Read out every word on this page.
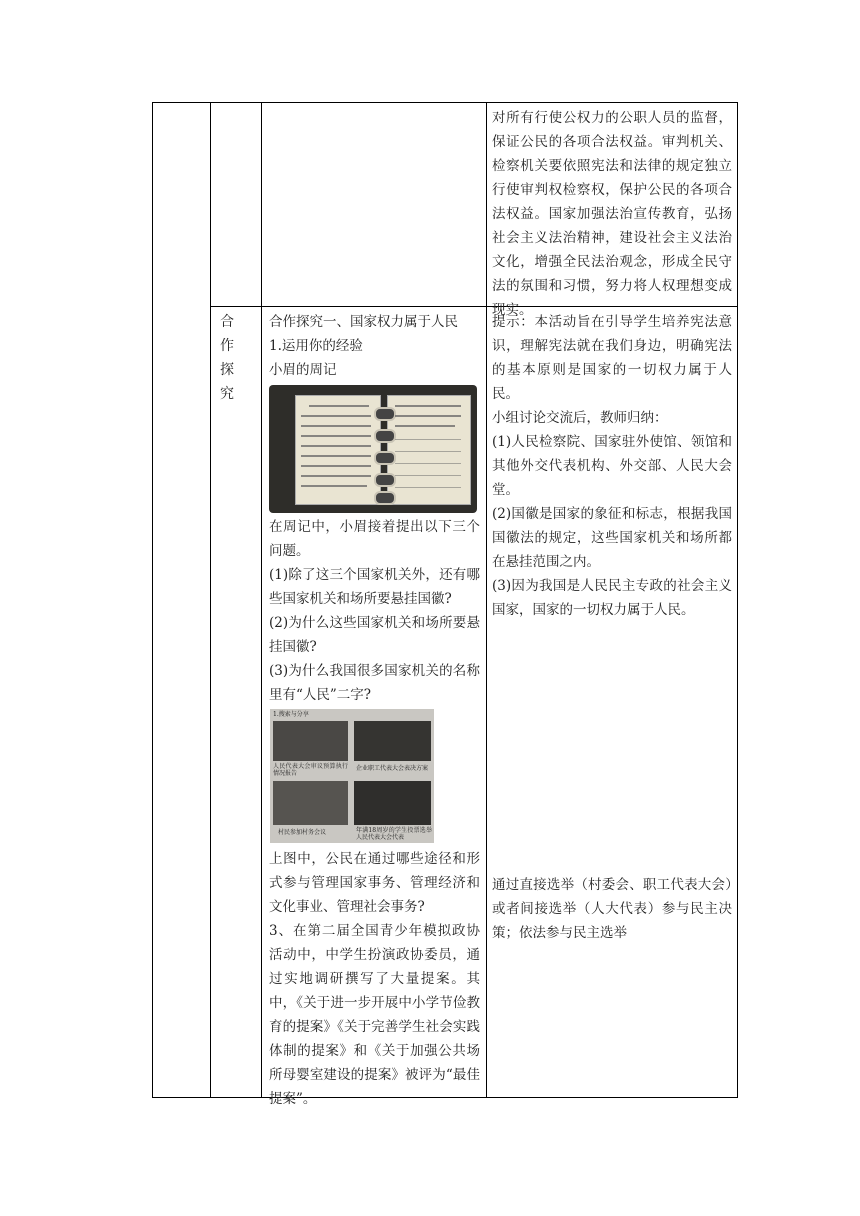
对所有行使公权力的公职人员的监督，保证公民的各项合法权益。审判机关、检察机关要依照宪法和法律的规定独立行使审判权检察权，保护公民的各项合法权益。国家加强法治宣传教育，弘扬社会主义法治精神，建设社会主义法治文化，增强全民法治观念，形成全民守法的氛围和习惯，努力将人权理想变成现实。

合作探究

合作探究一、国家权力属于人民

1.运用你的经验

小眉的周记

在周记中，小眉接着提出以下三个问题。

(1)除了这三个国家机关外，还有哪些国家机关和场所要悬挂国徽?

(2)为什么这些国家机关和场所要悬挂国徽?

(3)为什么我国很多国家机关的名称里有“人民”二字?

1.搜索与分享
人民代表大会审议预算执行情况报告
企业职工代表大会表决方案
村民参加村务会议	年满18周岁的学生投票选举人民代表大会代表

上图中，公民在通过哪些途径和形式参与管理国家事务、管理经济和文化事业、管理社会事务?

3、在第二届全国青少年模拟政协活动中，中学生扮演政协委员，通过实地调研撰写了大量提案。其中，《关于进一步开展中小学节俭教育的提案》《关于完善学生社会实践体制的提案》和《关于加强公共场所母婴室建设的提案》被评为“最佳提案”。

提示：本活动旨在引导学生培养宪法意识，理解宪法就在我们身边，明确宪法的基本原则是国家的一切权力属于人民。

小组讨论交流后，教师归纳：

(1)人民检察院、国家驻外使馆、领馆和其他外交代表机构、外交部、人民大会堂。

(2)国徽是国家的象征和标志，根据我国国徽法的规定，这些国家机关和场所都在悬挂范围之内。

(3)因为我国是人民民主专政的社会主义国家，国家的一切权力属于人民。

通过直接选举（村委会、职工代表大会）或者间接选举（人大代表）参与民主决策；依法参与民主选举
